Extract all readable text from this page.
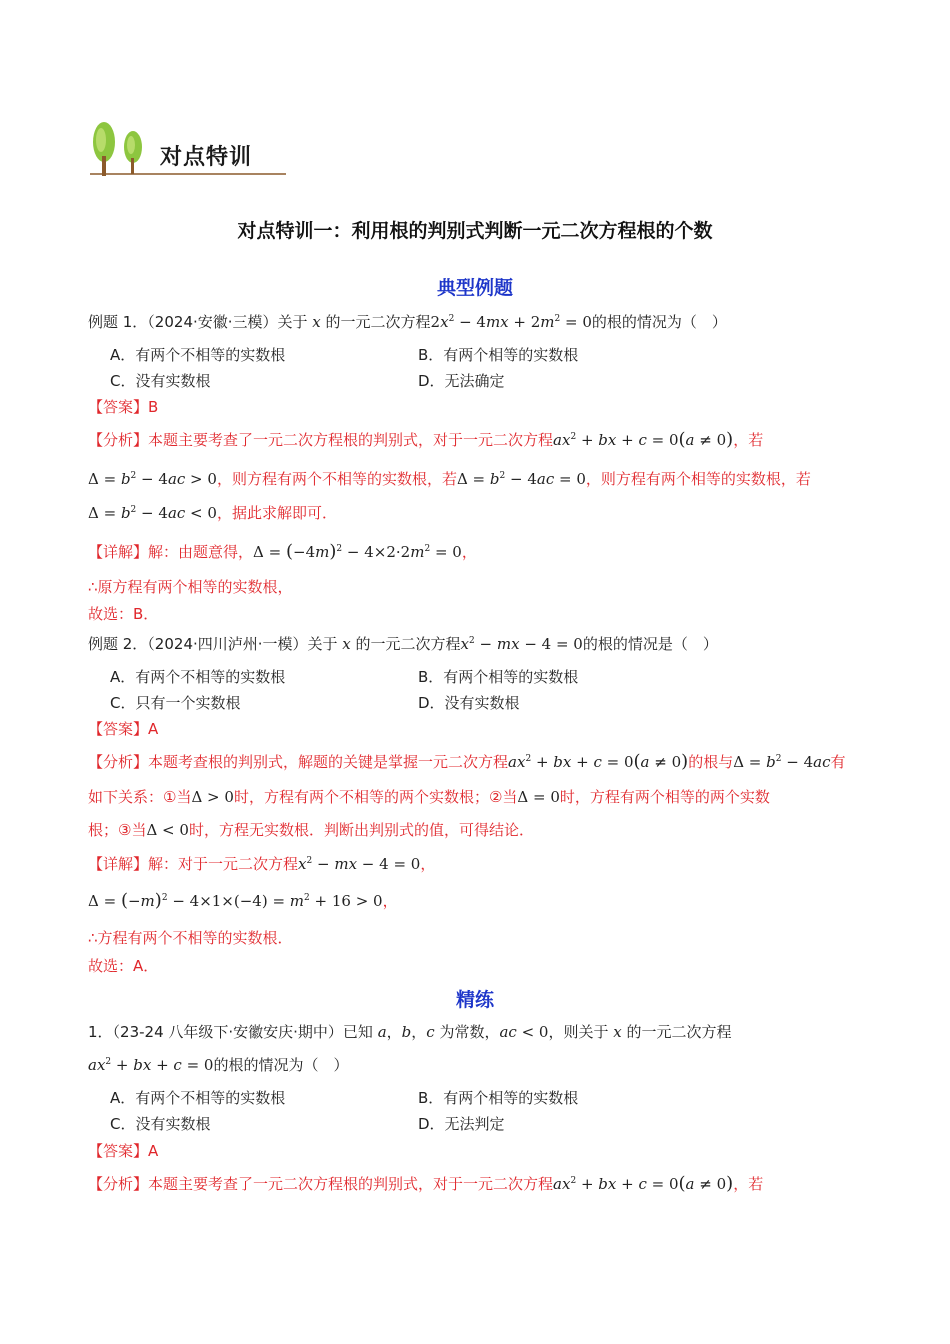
对点特训
对点特训一：利用根的判别式判断一元二次方程根的个数
典型例题
例题 1．（2024·安徽·三模）关于 x 的一元二次方程$2x^2 - 4mx + 2m^2 = 0$的根的情况为（　）
A．有两个不相等的实数根	B．有两个相等的实数根
C．没有实数根	D．无法确定
【答案】B
【分析】本题主要考查了一元二次方程根的判别式，对于一元二次方程$ax^2$ + bx + c = 0(a ≠ 0)，若
$\Delta = b^2 - 4ac > 0$，则方程有两个不相等的实数根，若$\Delta = b^2 - 4ac = 0$，则方程有两个相等的实数根，若
$\Delta = b^2 - 4ac < 0$，据此求解即可．
【详解】解：由题意得，$\Delta = (-4m)^2 - 4\times 2\cdot 2m^2 = 0$，
∴原方程有两个相等的实数根，
故选：B．
例题 2．（2024·四川泸州·一模）关于 x 的一元二次方程$x^2$ − mx − 4 = 0的根的情况是（　）
A．有两个不相等的实数根	B．有两个相等的实数根
C．只有一个实数根	D．没有实数根
【答案】A
【分析】本题考查根的判别式，解题的关键是掌握一元二次方程$ax^2$ + bx + c = 0(a ≠ 0)的根与$\Delta = b^2 - 4ac$有
如下关系：①当Δ > 0时，方程有两个不相等的两个实数根；②当Δ = 0时，方程有两个相等的两个实数
根；③当Δ < 0时，方程无实数根．判断出判别式的值，可得结论．
【详解】解：对于一元二次方程$x^2$ − mx − 4 = 0，
$\Delta = (-m)^2 - 4\times 1\times(-4) = m^2 + 16 > 0$，
∴方程有两个不相等的实数根．
故选：A．
精练
1．（23-24 八年级下·安徽安庆·期中）已知 a，b，c 为常数，ac < 0，则关于 x 的一元二次方程
$ax^2$ + bx + c = 0的根的情况为（　）
A．有两个不相等的实数根	B．有两个相等的实数根
C．没有实数根	D．无法判定
【答案】A
【分析】本题主要考查了一元二次方程根的判别式，对于一元二次方程$ax^2$ + bx + c = 0(a ≠ 0)，若
